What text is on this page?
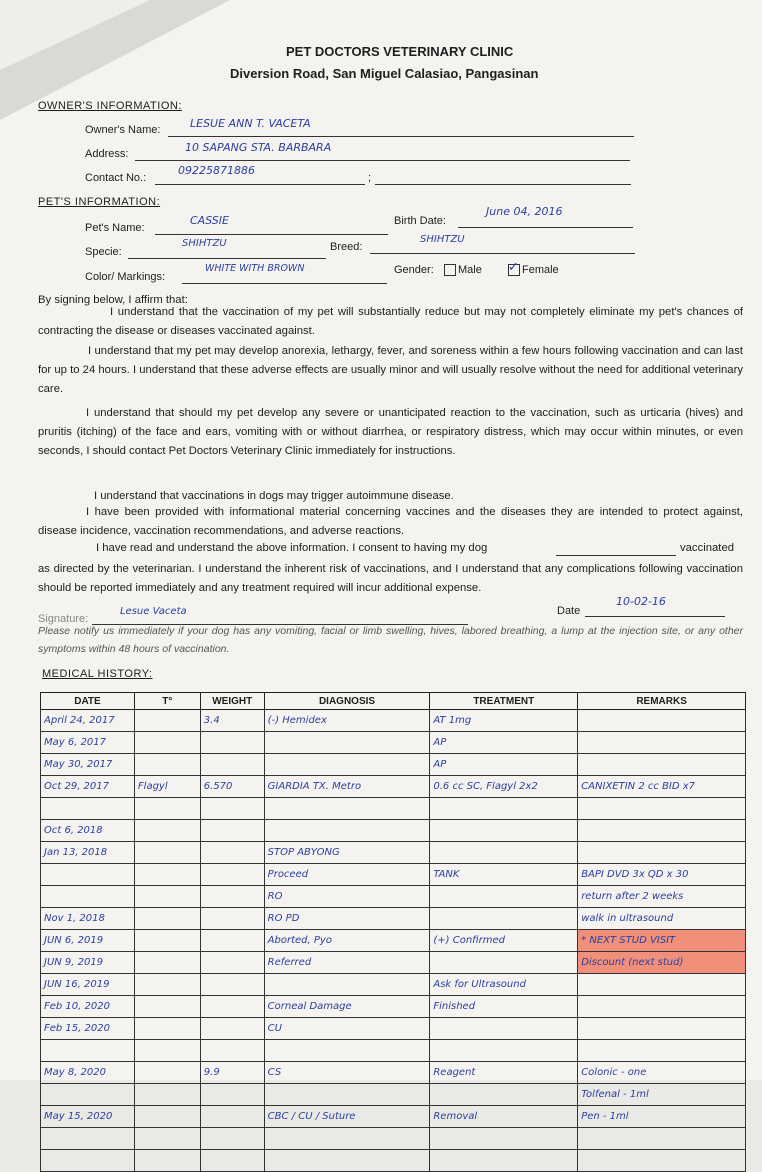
PET DOCTORS VETERINARY CLINIC
Diversion Road, San Miguel Calasiao, Pangasinan
OWNER'S INFORMATION:
Owner's Name:	LESUE ANN T. VACETA
Address:	10 SAPANG STA. BARBARA
Contact No.:
09225871886
;
PET'S INFORMATION:
Pet's Name:
CASSIE	Birth Date:
June 04, 2016
Specie:
SHIHTZU	Breed:
SHIHTZU
Color/ Markings:
WHITE WITH BROWN	Gender:	Male ✓ Female
By signing below, I affirm that:
I understand that the vaccination of my pet will substantially reduce but may not completely eliminate my pet's chances of contracting the disease or diseases vaccinated against.
I understand that my pet may develop anorexia, lethargy, fever, and soreness within a few hours following vaccination and can last for up to 24 hours. I understand that these adverse effects are usually minor and will usually resolve without the need for additional veterinary care.
I understand that should my pet develop any severe or unanticipated reaction to the vaccination, such as urticaria (hives) and pruritis (itching) of the face and ears, vomiting with or without diarrhea, or respiratory distress, which may occur within minutes, or even seconds, I should contact Pet Doctors Veterinary Clinic immediately for instructions.
I understand that vaccinations in dogs may trigger autoimmune disease.
I have been provided with informational material concerning vaccines and the diseases they are intended to protect against, disease incidence, vaccination recommendations, and adverse reactions.
I have read and understand the above information. I consent to having my dog	vaccinated
as directed by the veterinarian. I understand the inherent risk of vaccinations, and I understand that any complications following vaccination should be reported immediately and any treatment required will incur additional expense.
Signature:
Lesue Vaceta	Date
10-02-16
Please notify us immediately if your dog has any vomiting, facial or limb swelling, hives, labored breathing, a lump at the injection site, or any other symptoms within 48 hours of vaccination.
MEDICAL HISTORY:
DATE	T°	WEIGHT	DIAGNOSIS	TREATMENT	REMARKS
April 24, 2017		3.4	(-) Hemidex	AT 1mg	
May 6, 2017				AP	
May 30, 2017				AP	
Oct 29, 2017	Flagyl	6.570	GIARDIA TX. Metro	0.6 cc SC, Flagyl 2x2	CANIXETIN 2 cc BID x7

Oct 6, 2018					
Jan 13, 2018			STOP ABYONG		
			Proceed	TANK	BAPI DVD 3x QD x 30
			RO		return after 2 weeks
Nov 1, 2018			RO PD		walk in ultrasound
JUN 6, 2019			Aborted, Pyo	(+) Confirmed	* NEXT STUD VISIT
JUN 9, 2019			Referred		Discount (next stud)
JUN 16, 2019				Ask for Ultrasound	
Feb 10, 2020			Corneal Damage	Finished	
Feb 15, 2020			CU		

May 8, 2020		9.9	CS	Reagent	Colonic - one
					Tolfenal - 1ml
May 15, 2020			CBC / CU / Suture	Removal	Pen - 1ml
